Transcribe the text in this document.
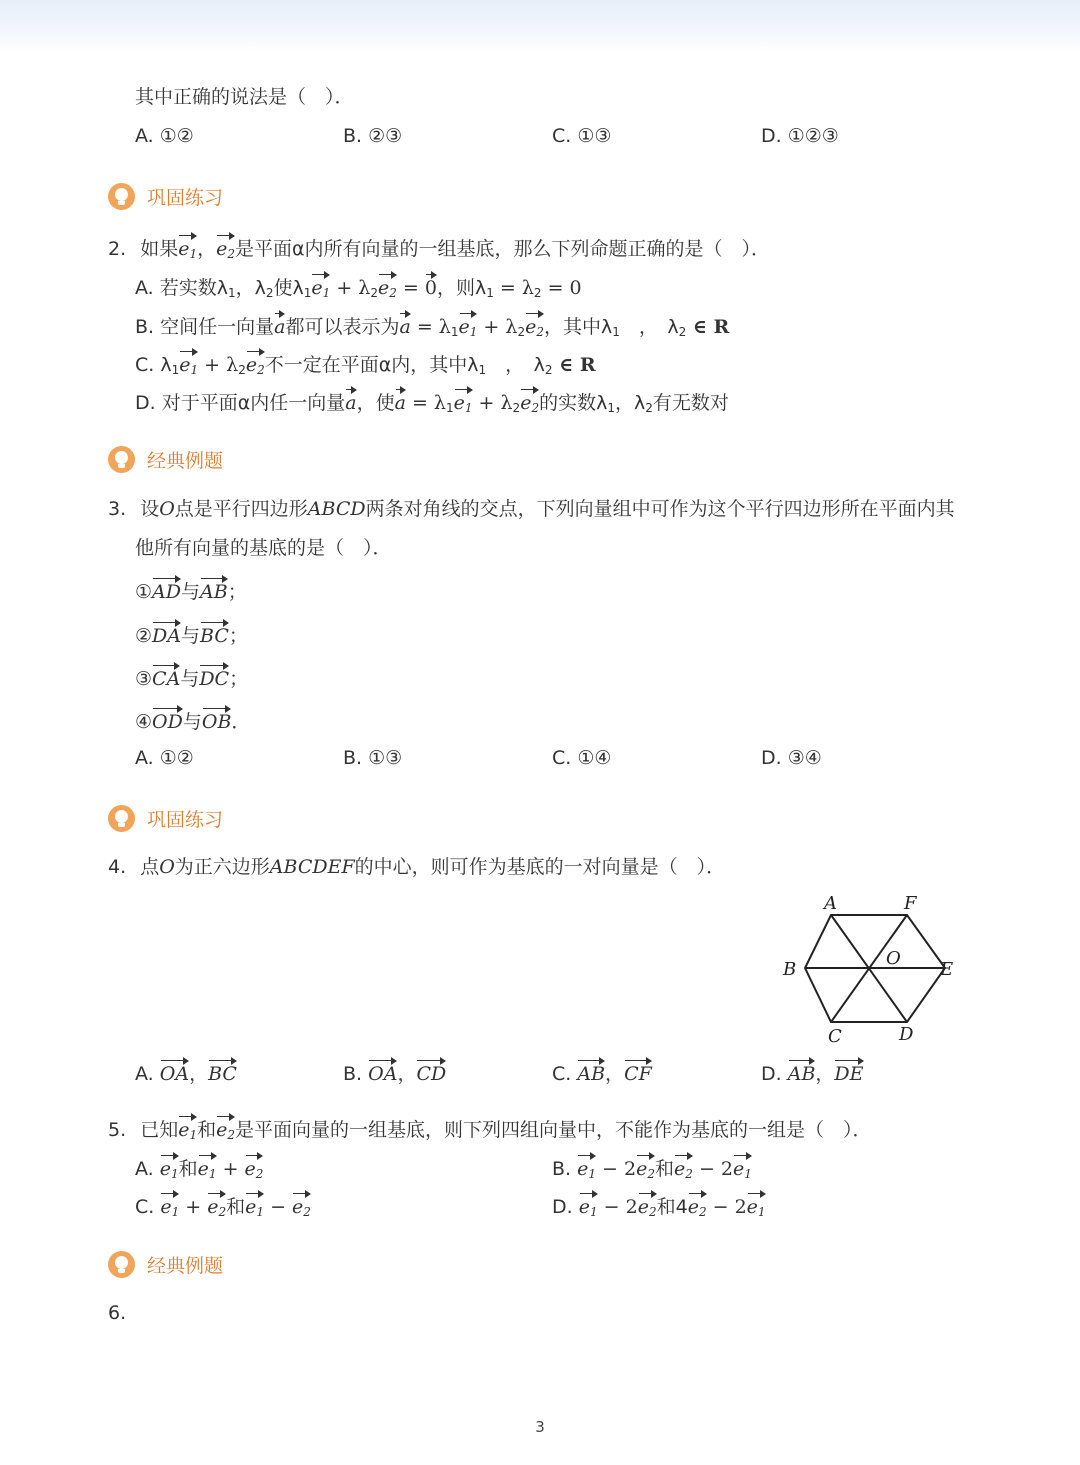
其中正确的说法是（　）．
A. ①②	B. ②③	C. ①③	D. ①②③
巩固练习
2. 如果$e_1$，$e_2$是平面α内所有向量的一组基底，那么下列命题正确的是（　）．
A. 若实数$\lambda_1$，$\lambda_2$使$\lambda_1e_1 + \lambda_2e_2 = 0$，则$\lambda_1 = \lambda_2 = 0$
B. 空间任一向量a都可以表示为$a = \lambda_1e_1 + \lambda_2e_2$，其中$\lambda_1$　，　$\lambda_2$ ∈ R
C. $\lambda_1e_1 + \lambda_2e_2$不一定在平面α内，其中$\lambda_1$　，　$\lambda_2$ ∈ R
D. 对于平面α内任一向量a，使$a = \lambda_1e_1 + \lambda_2e_2$的实数$\lambda_1$，$\lambda_2$有无数对
经典例题
3. 设O点是平行四边形ABCD两条对角线的交点，下列向量组中可作为这个平行四边形所在平面内其
他所有向量的基底的是（　）．
①AD与AB；
②DA与BC；
③CA与DC；
④OD与OB．
A. ①②	B. ①③	C. ①④	D. ③④
巩固练习
4. 点O为正六边形ABCDEF的中心，则可作为基底的一对向量是（　）．
A	F
B	E
C	D
O
A. OA，BC	B. OA，CD	C. AB，CF	D. AB，DE
5. 已知$e_1$和$e_2$是平面向量的一组基底，则下列四组向量中，不能作为基底的一组是（　）．
A. $e_1$和$e_1 + e_2$	B. $e_1 - 2e_2$和$e_2 - 2e_1$
C. $e_1 + e_2$和$e_1 - e_2$	D. $e_1 - 2e_2$和$4e_2 - 2e_1$
经典例题
6.
3
